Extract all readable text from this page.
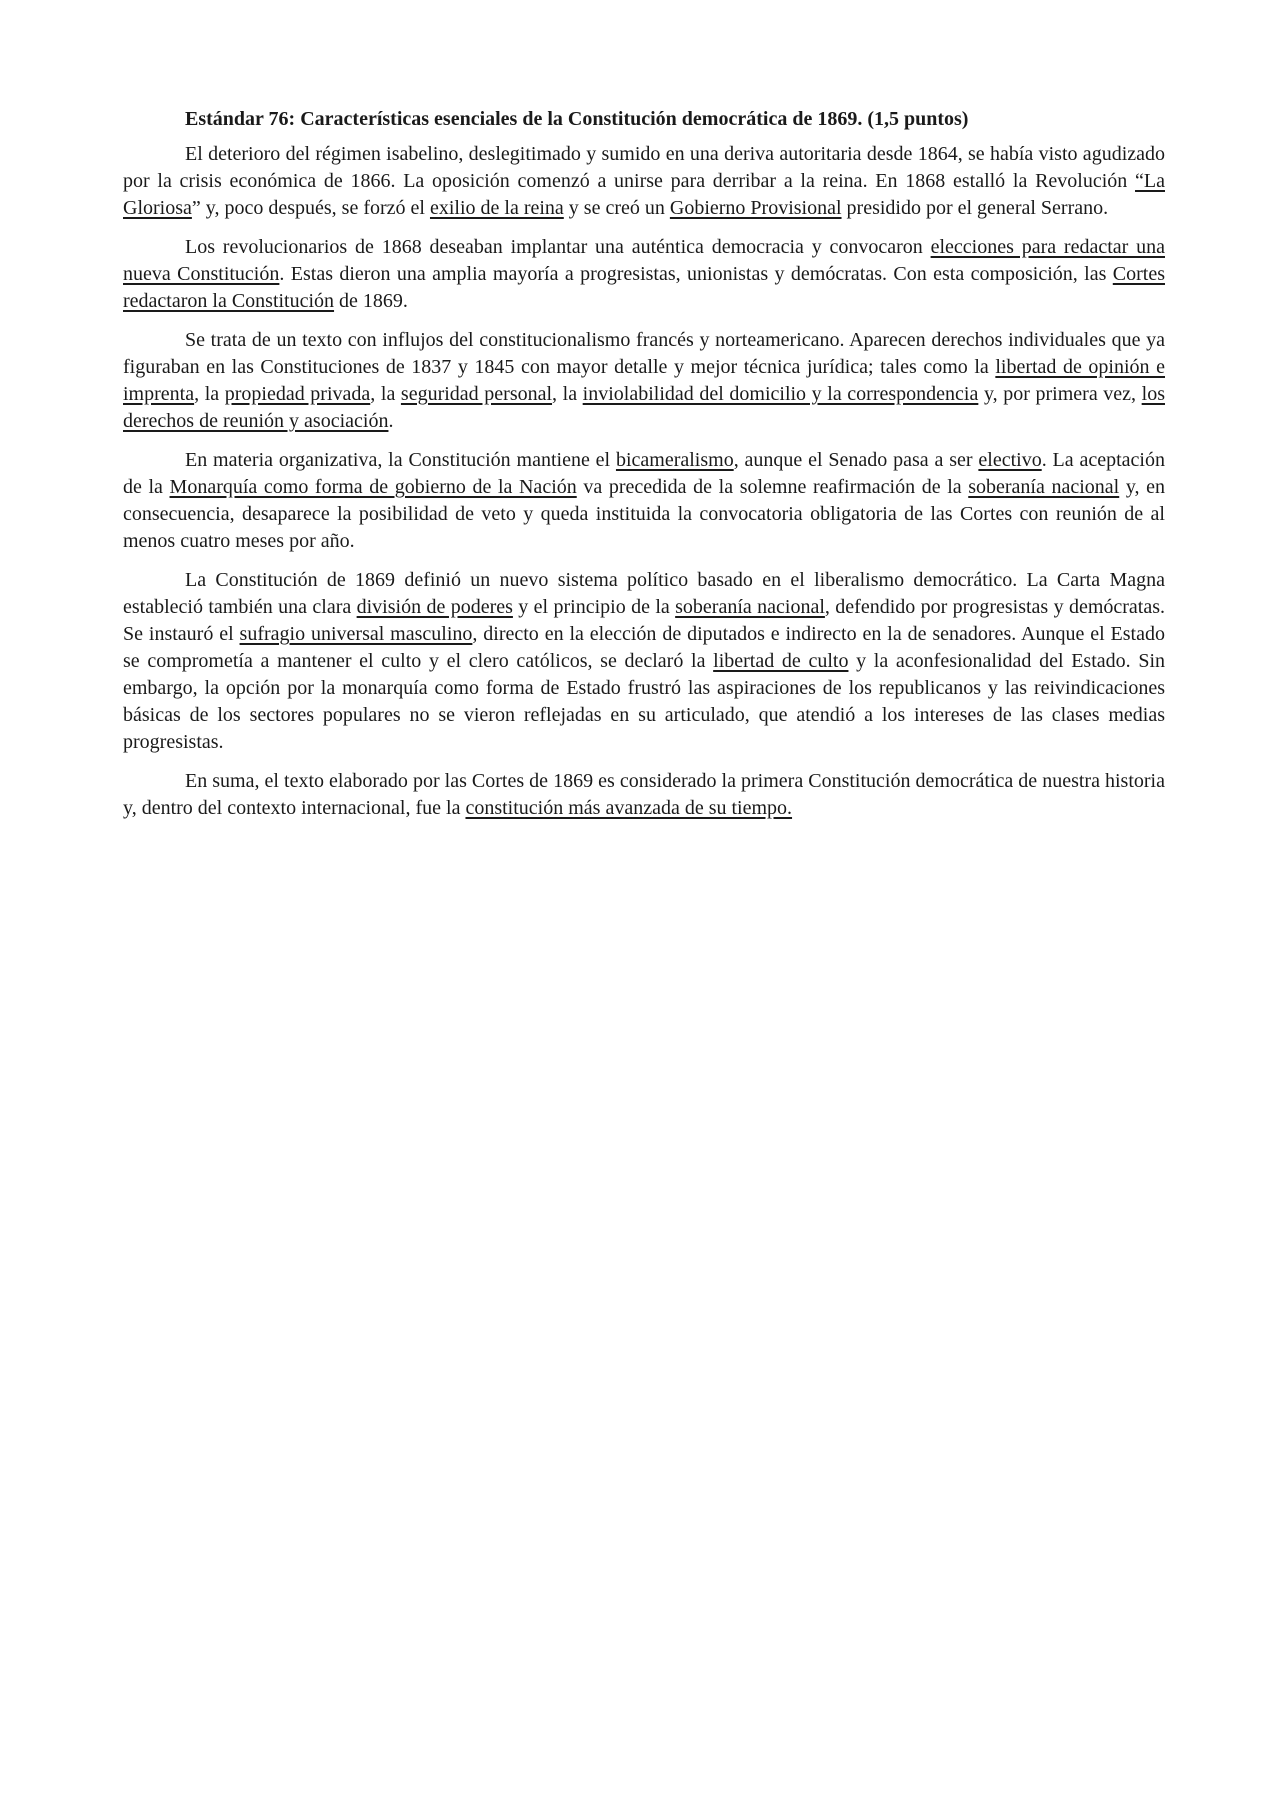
Estándar 76: Características esenciales de la Constitución democrática de 1869. (1,5 puntos)

El deterioro del régimen isabelino, deslegitimado y sumido en una deriva autoritaria desde 1864, se había visto agudizado por la crisis económica de 1866. La oposición comenzó a unirse para derribar a la reina. En 1868 estalló la Revolución “La Gloriosa” y, poco después, se forzó el exilio de la reina y se creó un Gobierno Provisional presidido por el general Serrano.

Los revolucionarios de 1868 deseaban implantar una auténtica democracia y convocaron elecciones para redactar una nueva Constitución. Estas dieron una amplia mayoría a progresistas, unionistas y demócratas. Con esta composición, las Cortes redactaron la Constitución de 1869.

Se trata de un texto con influjos del constitucionalismo francés y norteamericano. Aparecen derechos individuales que ya figuraban en las Constituciones de 1837 y 1845 con mayor detalle y mejor técnica jurídica; tales como la libertad de opinión e imprenta, la propiedad privada, la seguridad personal, la inviolabilidad del domicilio y la correspondencia y, por primera vez, los derechos de reunión y asociación.

En materia organizativa, la Constitución mantiene el bicameralismo, aunque el Senado pasa a ser electivo. La aceptación de la Monarquía como forma de gobierno de la Nación va precedida de la solemne reafirmación de la soberanía nacional y, en consecuencia, desaparece la posibilidad de veto y queda instituida la convocatoria obligatoria de las Cortes con reunión de al menos cuatro meses por año.

La Constitución de 1869 definió un nuevo sistema político basado en el liberalismo democrático. La Carta Magna estableció también una clara división de poderes y el principio de la soberanía nacional, defendido por progresistas y demócratas. Se instauró el sufragio universal masculino, directo en la elección de diputados e indirecto en la de senadores. Aunque el Estado se comprometía a mantener el culto y el clero católicos, se declaró la libertad de culto y la aconfesionalidad del Estado. Sin embargo, la opción por la monarquía como forma de Estado frustró las aspiraciones de los republicanos y las reivindicaciones básicas de los sectores populares no se vieron reflejadas en su articulado, que atendió a los intereses de las clases medias progresistas.

En suma, el texto elaborado por las Cortes de 1869 es considerado la primera Constitución democrática de nuestra historia y, dentro del contexto internacional, fue la constitución más avanzada de su tiempo.
